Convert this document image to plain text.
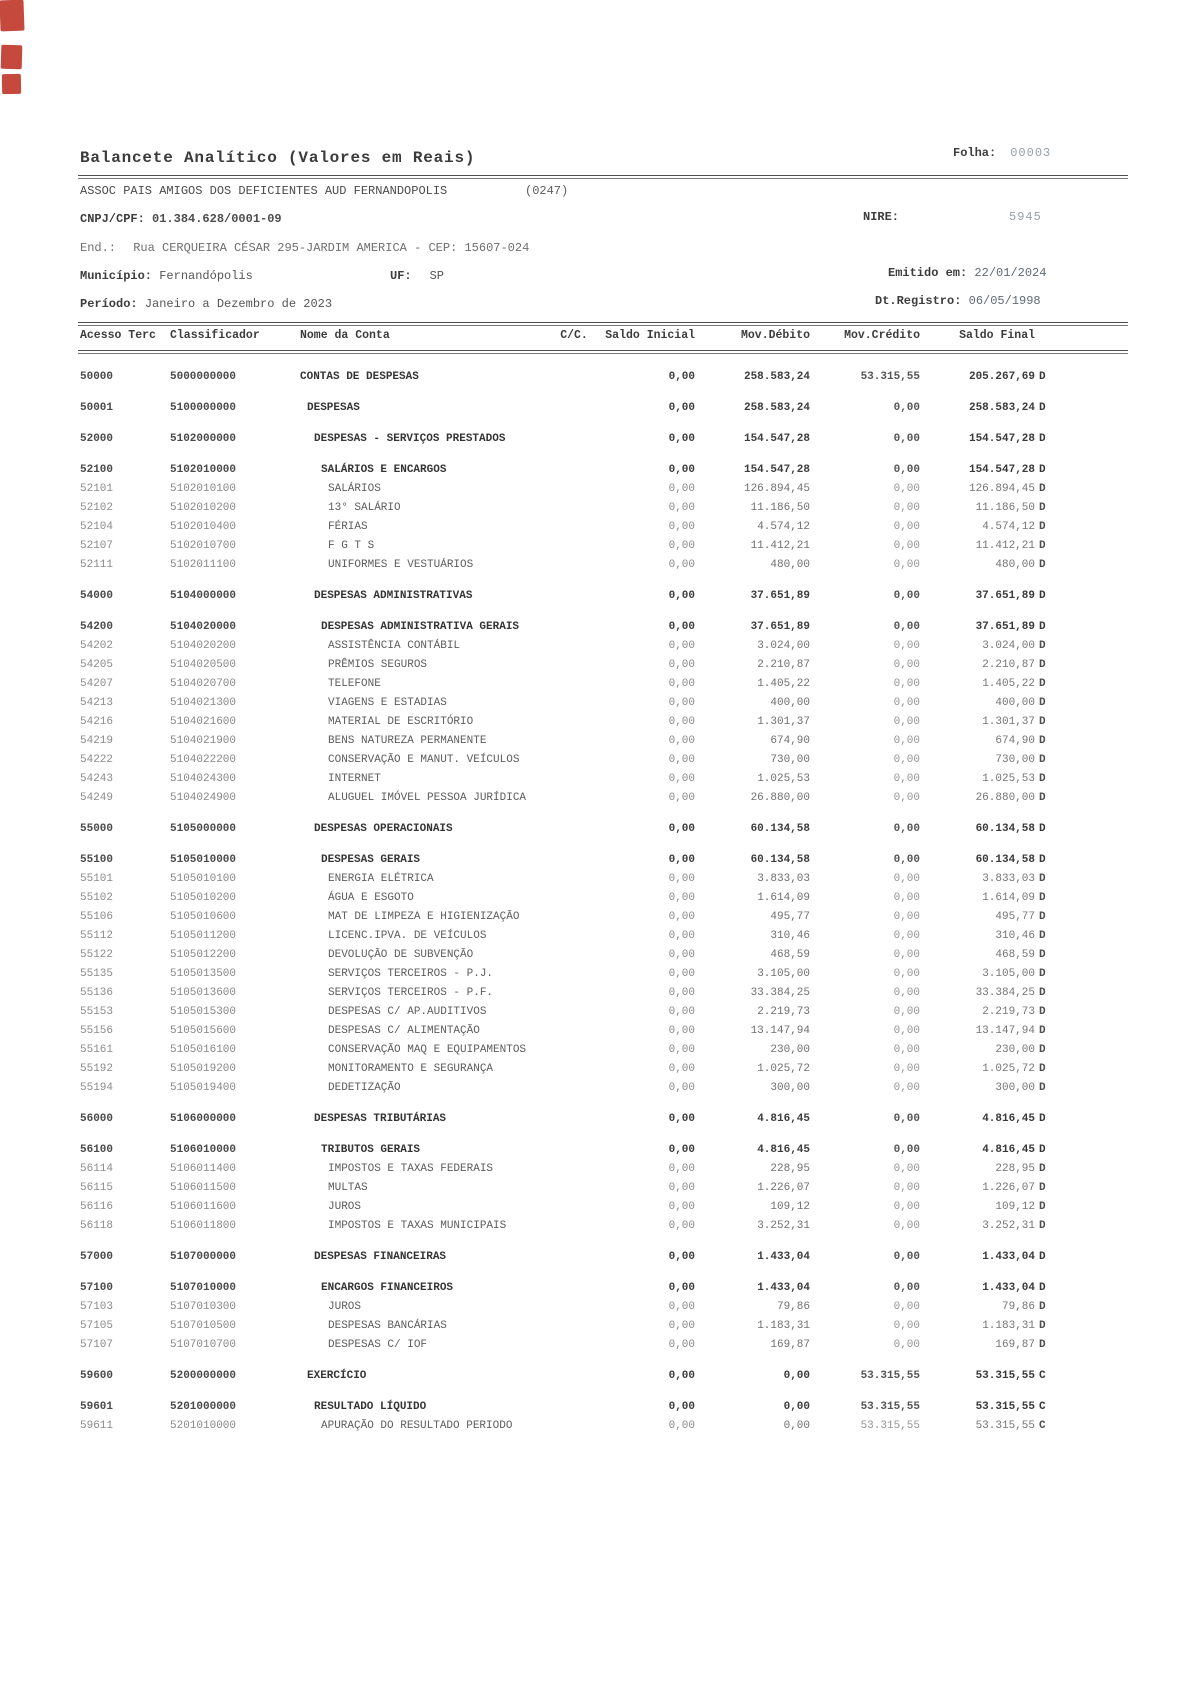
Balancete Analítico (Valores em Reais)	Folha: 00003
ASSOC PAIS AMIGOS DOS DEFICIENTES AUD FERNANDOPOLIS	(0247)
CNPJ/CPF: 01.384.628/0001-09	NIRE:	5945
End.: Rua CERQUEIRA CÉSAR 295-JARDIM AMERICA - CEP: 15607-024
Município: Fernandópolis	UF: SP	Emitido em: 22/01/2024
Período: Janeiro a Dezembro de 2023	Dt.Registro: 06/05/1998
Acesso Terc	Classificador	Nome da Conta	C/C.	Saldo Inicial	Mov.Débito	Mov.Crédito	Saldo Final
50000	5000000000	CONTAS DE DESPESAS	0,00	258.583,24	53.315,55	205.267,69 D
50001	5100000000	DESPESAS	0,00	258.583,24	0,00	258.583,24 D
52000	5102000000	DESPESAS - SERVIÇOS PRESTADOS	0,00	154.547,28	0,00	154.547,28 D
52100	5102010000	SALÁRIOS E ENCARGOS	0,00	154.547,28	0,00	154.547,28 D
52101	5102010100	SALÁRIOS	0,00	126.894,45	0,00	126.894,45 D
52102	5102010200	13° SALÁRIO	0,00	11.186,50	0,00	11.186,50 D
52104	5102010400	FÉRIAS	0,00	4.574,12	0,00	4.574,12 D
52107	5102010700	F G T S	0,00	11.412,21	0,00	11.412,21 D
52111	5102011100	UNIFORMES E VESTUÁRIOS	0,00	480,00	0,00	480,00 D
54000	5104000000	DESPESAS ADMINISTRATIVAS	0,00	37.651,89	0,00	37.651,89 D
54200	5104020000	DESPESAS ADMINISTRATIVA GERAIS	0,00	37.651,89	0,00	37.651,89 D
54202	5104020200	ASSISTÊNCIA CONTÁBIL	0,00	3.024,00	0,00	3.024,00 D
54205	5104020500	PRÊMIOS SEGUROS	0,00	2.210,87	0,00	2.210,87 D
54207	5104020700	TELEFONE	0,00	1.405,22	0,00	1.405,22 D
54213	5104021300	VIAGENS E ESTADIAS	0,00	400,00	0,00	400,00 D
54216	5104021600	MATERIAL DE ESCRITÓRIO	0,00	1.301,37	0,00	1.301,37 D
54219	5104021900	BENS NATUREZA PERMANENTE	0,00	674,90	0,00	674,90 D
54222	5104022200	CONSERVAÇÃO E MANUT. VEÍCULOS	0,00	730,00	0,00	730,00 D
54243	5104024300	INTERNET	0,00	1.025,53	0,00	1.025,53 D
54249	5104024900	ALUGUEL IMÓVEL PESSOA JURÍDICA	0,00	26.880,00	0,00	26.880,00 D
55000	5105000000	DESPESAS OPERACIONAIS	0,00	60.134,58	0,00	60.134,58 D
55100	5105010000	DESPESAS GERAIS	0,00	60.134,58	0,00	60.134,58 D
55101	5105010100	ENERGIA ELÉTRICA	0,00	3.833,03	0,00	3.833,03 D
55102	5105010200	ÁGUA E ESGOTO	0,00	1.614,09	0,00	1.614,09 D
55106	5105010600	MAT DE LIMPEZA E HIGIENIZAÇÃO	0,00	495,77	0,00	495,77 D
55112	5105011200	LICENC.IPVA. DE VEÍCULOS	0,00	310,46	0,00	310,46 D
55122	5105012200	DEVOLUÇÃO DE SUBVENÇÃO	0,00	468,59	0,00	468,59 D
55135	5105013500	SERVIÇOS TERCEIROS - P.J.	0,00	3.105,00	0,00	3.105,00 D
55136	5105013600	SERVIÇOS TERCEIROS - P.F.	0,00	33.384,25	0,00	33.384,25 D
55153	5105015300	DESPESAS C/ AP.AUDITIVOS	0,00	2.219,73	0,00	2.219,73 D
55156	5105015600	DESPESAS C/ ALIMENTAÇÃO	0,00	13.147,94	0,00	13.147,94 D
55161	5105016100	CONSERVAÇÃO MAQ E EQUIPAMENTOS	0,00	230,00	0,00	230,00 D
55192	5105019200	MONITORAMENTO E SEGURANÇA	0,00	1.025,72	0,00	1.025,72 D
55194	5105019400	DEDETIZAÇÃO	0,00	300,00	0,00	300,00 D
56000	5106000000	DESPESAS TRIBUTÁRIAS	0,00	4.816,45	0,00	4.816,45 D
56100	5106010000	TRIBUTOS GERAIS	0,00	4.816,45	0,00	4.816,45 D
56114	5106011400	IMPOSTOS E TAXAS FEDERAIS	0,00	228,95	0,00	228,95 D
56115	5106011500	MULTAS	0,00	1.226,07	0,00	1.226,07 D
56116	5106011600	JUROS	0,00	109,12	0,00	109,12 D
56118	5106011800	IMPOSTOS E TAXAS MUNICIPAIS	0,00	3.252,31	0,00	3.252,31 D
57000	5107000000	DESPESAS FINANCEIRAS	0,00	1.433,04	0,00	1.433,04 D
57100	5107010000	ENCARGOS FINANCEIROS	0,00	1.433,04	0,00	1.433,04 D
57103	5107010300	JUROS	0,00	79,86	0,00	79,86 D
57105	5107010500	DESPESAS BANCÁRIAS	0,00	1.183,31	0,00	1.183,31 D
57107	5107010700	DESPESAS C/ IOF	0,00	169,87	0,00	169,87 D
59600	5200000000	EXERCÍCIO	0,00	0,00	53.315,55	53.315,55 C
59601	5201000000	RESULTADO LÍQUIDO	0,00	0,00	53.315,55	53.315,55 C
59611	5201010000	APURAÇÃO DO RESULTADO PERIODO	0,00	0,00	53.315,55	53.315,55 C
